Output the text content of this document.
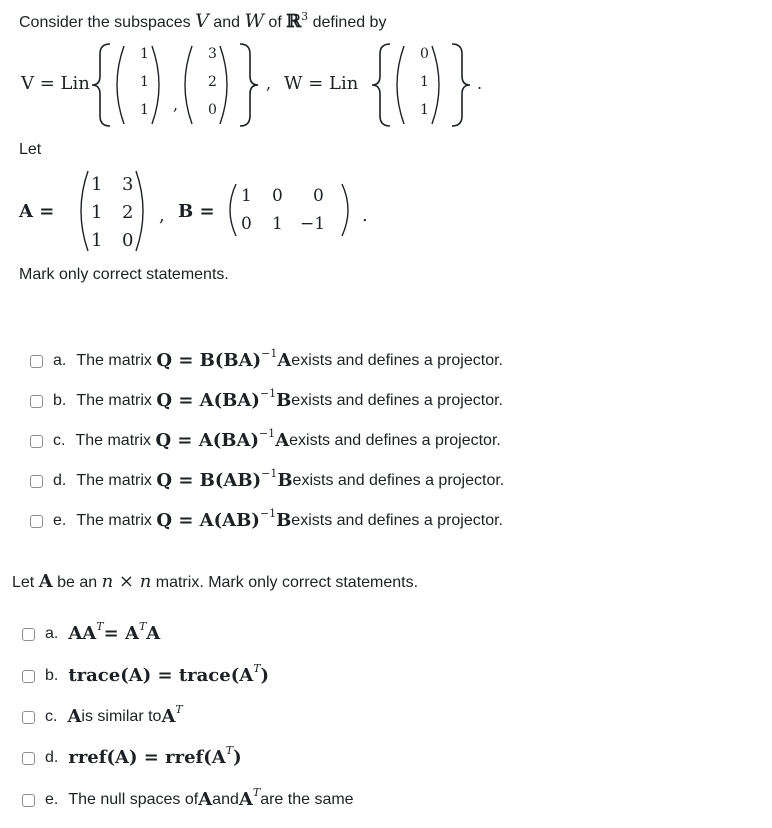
Consider the subspaces V and W of ℝ$^3$ defined by
V = Lin
1
1
1 ,
3
2
0
, W = Lin
0
1
1
.
Let
A =
1 3
1 2
1 0
, B =
1 0 0
0 1 −1 .
Mark only correct statements.
a. The matrix
Q = B(BA) −1 A exists and defines a projector.
b. The matrix
Q = A(BA) −1 B exists and defines a projector.
c. The matrix
Q = A(BA) −1 A exists and defines a projector.
d. The matrix
Q = B(AB) −1 B exists and defines a projector.
e. The matrix
Q = A(AB) −1 B exists and defines a projector.
Let A be an n × n matrix. Mark only correct statements.
a. AA T = A T A
b. trace(A) = trace(A T )
c. A is similar to A T
d. rref(A) = rref(A T )
e. The null spaces of A and A T are the same
